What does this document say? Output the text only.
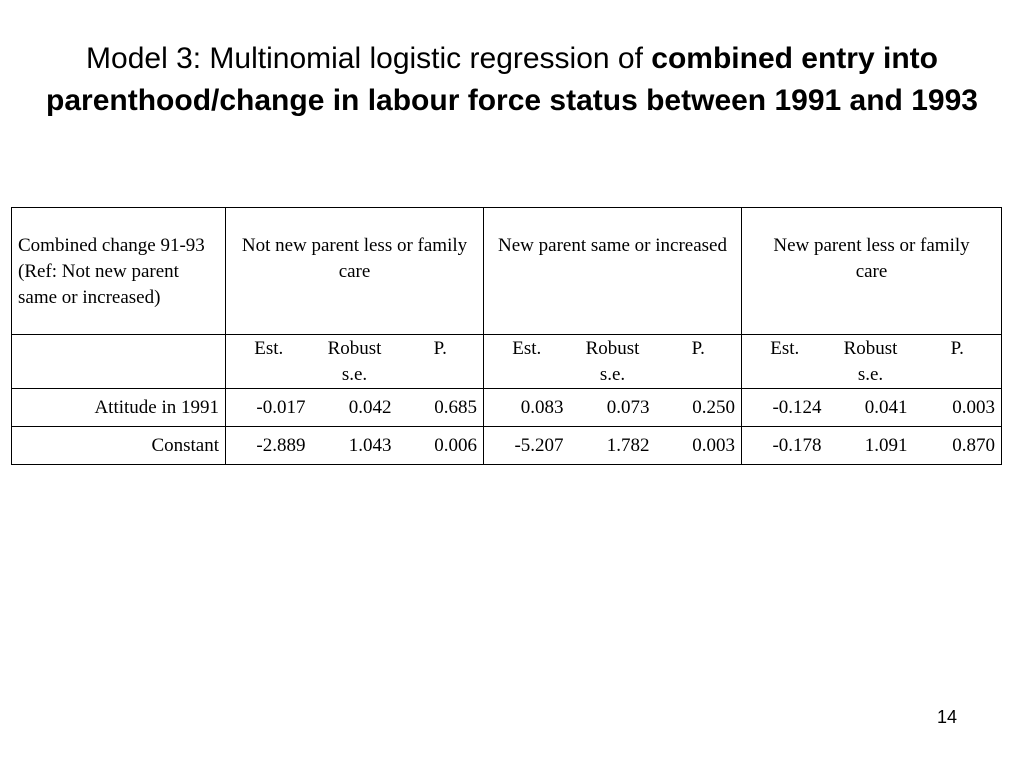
Model 3: Multinomial logistic regression of combined entry into parenthood/change in labour force status between 1991 and 1993
Combined change 91-93 (Ref: Not new parent same or increased)	Not new parent less or family care			New parent same or increased			New parent less or family care		
	Est.	Robust s.e.	P.	Est.	Robust s.e.	P.	Est.	Robust s.e.	P.
Attitude in 1991	-0.017	0.042	0.685	0.083	0.073	0.250	-0.124	0.041	0.003
Constant	-2.889	1.043	0.006	-5.207	1.782	0.003	-0.178	1.091	0.870
14
